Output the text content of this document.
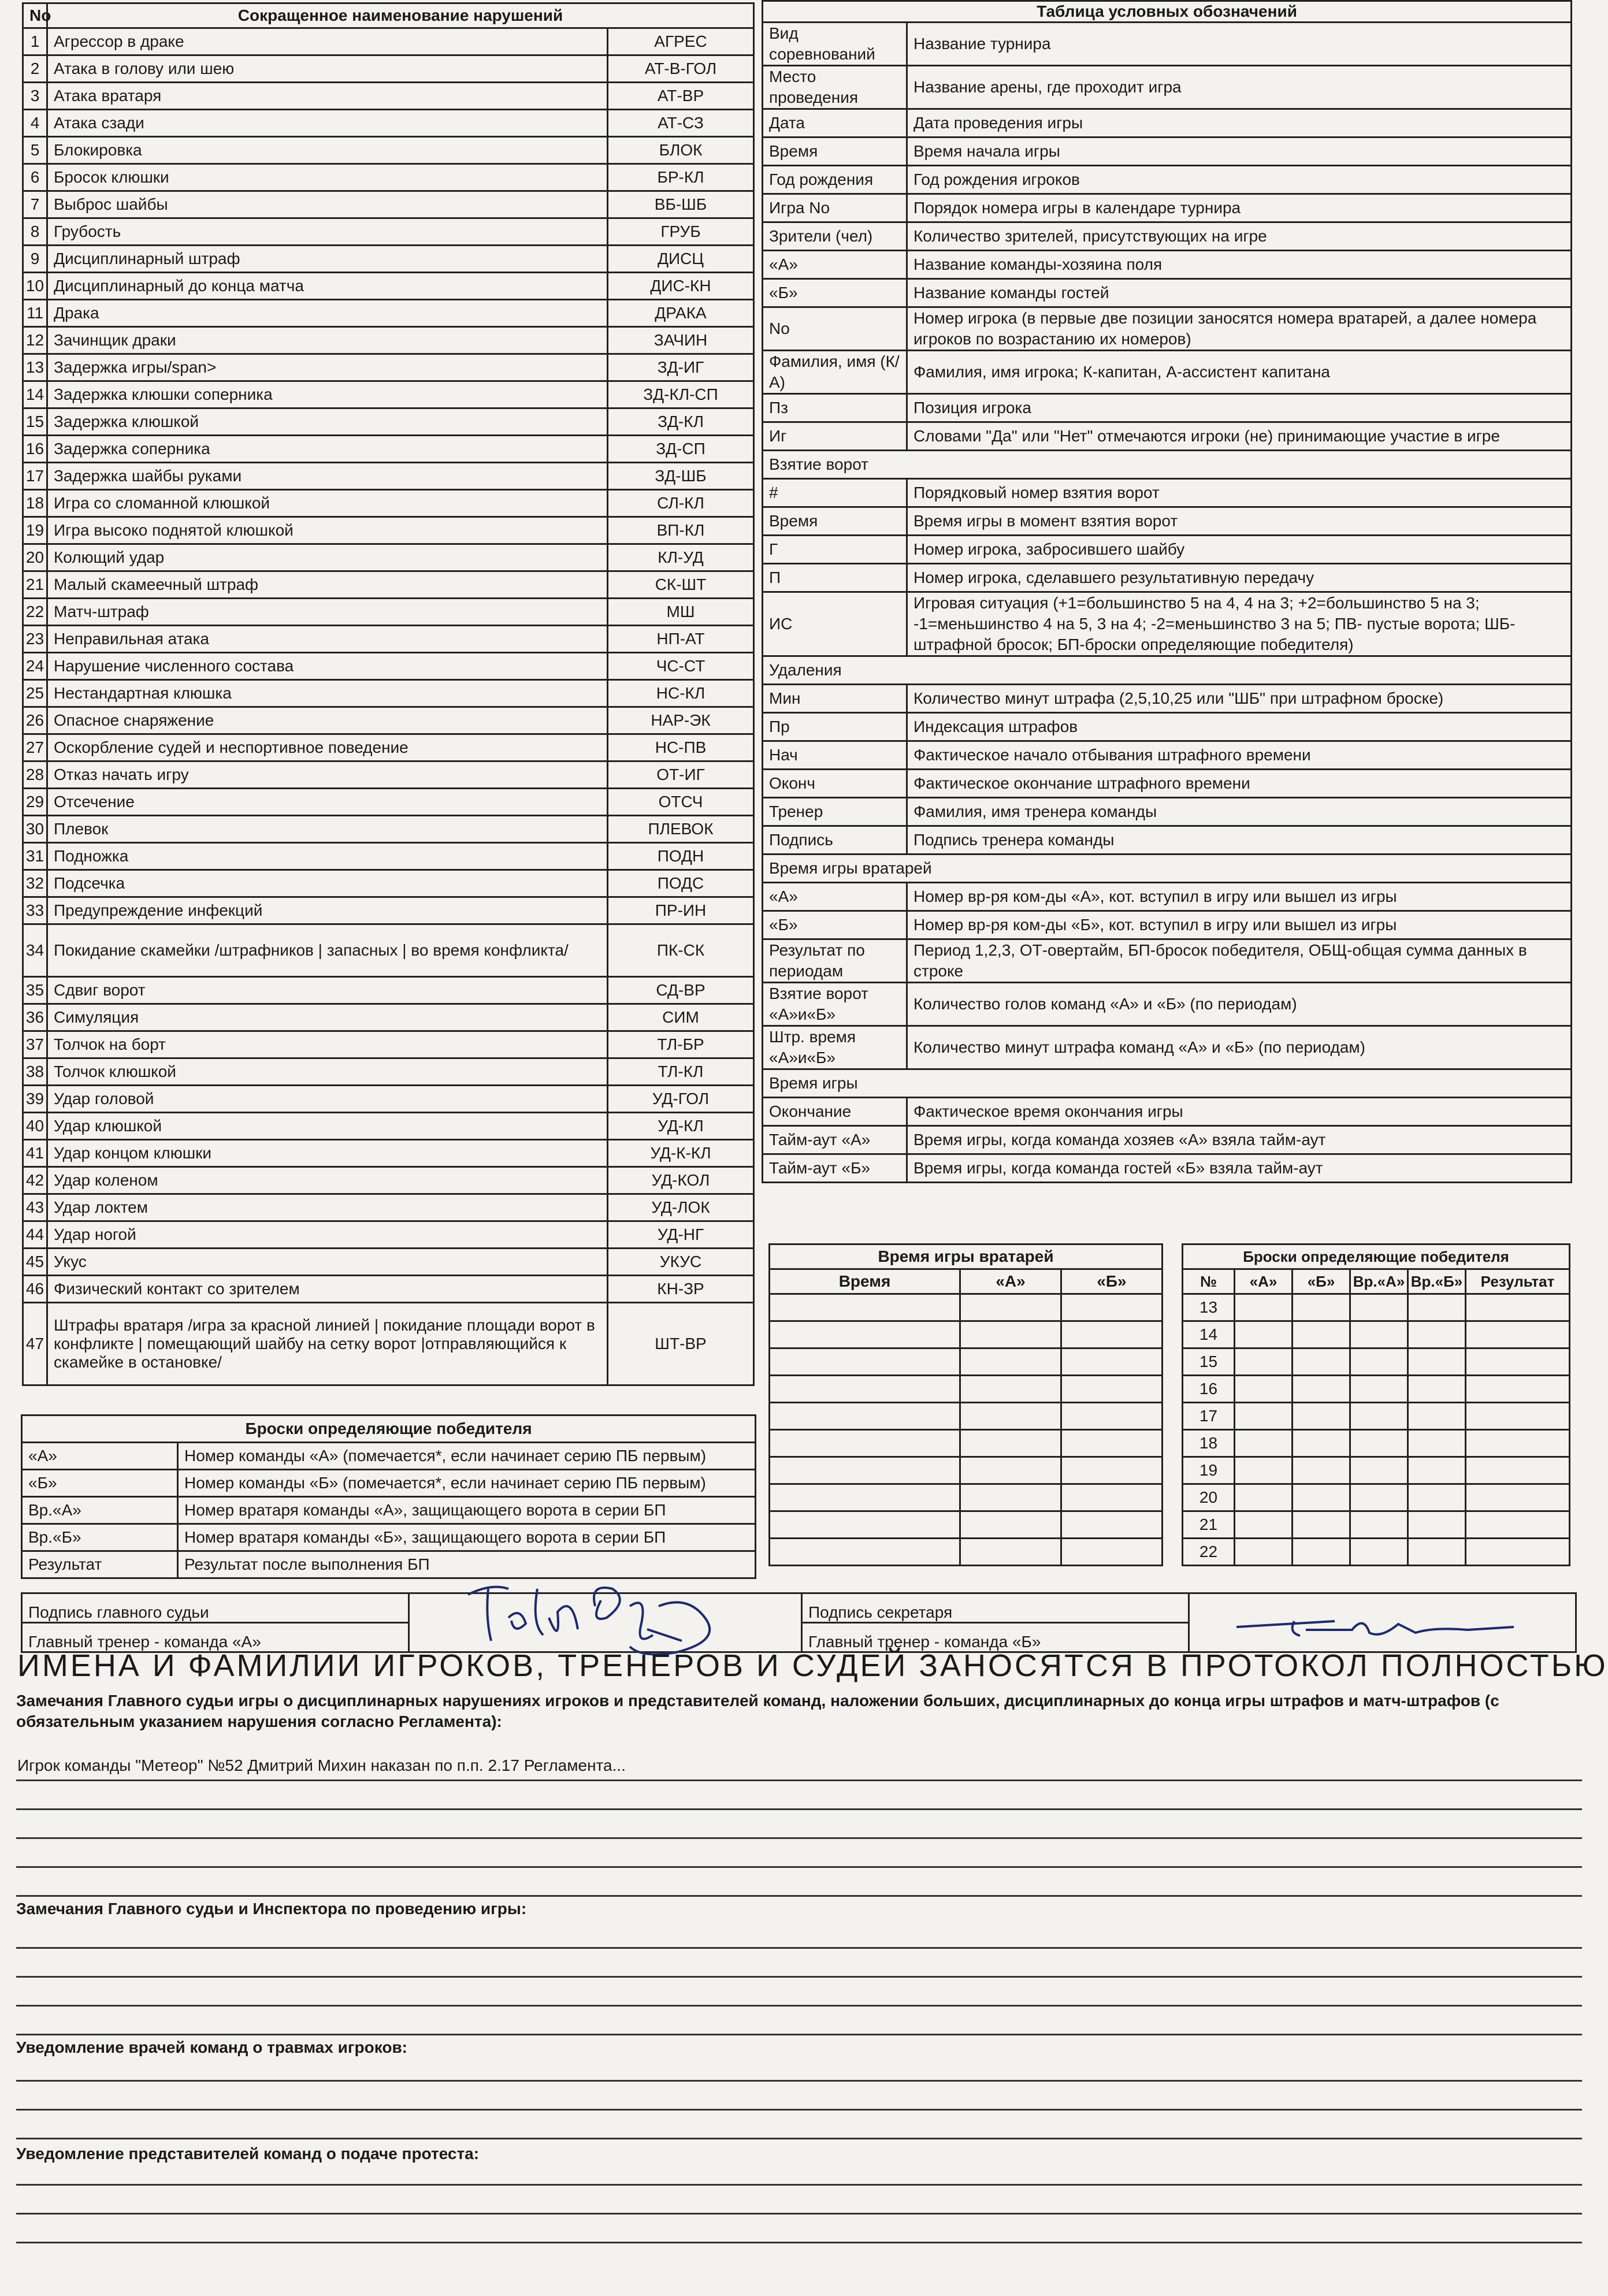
No	Сокращенное наименование нарушений	
1	Агрессор в драке	АГРЕС
2	Атака в голову или шею	АТ-В-ГОЛ
3	Атака вратаря	АТ-ВР
4	Атака сзади	АТ-СЗ
5	Блокировка	БЛОК
6	Бросок клюшки	БР-КЛ
7	Выброс шайбы	ВБ-ШБ
8	Грубость	ГРУБ
9	Дисциплинарный штраф	ДИСЦ
10	Дисциплинарный до конца матча	ДИС-КН
11	Драка	ДРАКА
12	Зачинщик драки	ЗАЧИН
13	Задержка игры/span>	ЗД-ИГ
14	Задержка клюшки соперника	ЗД-КЛ-СП
15	Задержка клюшкой	ЗД-КЛ
16	Задержка соперника	ЗД-СП
17	Задержка шайбы руками	ЗД-ШБ
18	Игра со сломанной клюшкой	СЛ-КЛ
19	Игра высоко поднятой клюшкой	ВП-КЛ
20	Колющий удар	КЛ-УД
21	Малый скамеечный штраф	СК-ШТ
22	Матч-штраф	МШ
23	Неправильная атака	НП-АТ
24	Нарушение численного состава	ЧС-СТ
25	Нестандартная клюшка	НС-КЛ
26	Опасное снаряжение	НАР-ЭК
27	Оскорбление судей и неспортивное поведение	НС-ПВ
28	Отказ начать игру	ОТ-ИГ
29	Отсечение	ОТСЧ
30	Плевок	ПЛЕВОК
31	Подножка	ПОДН
32	Подсечка	ПОДС
33	Предупреждение инфекций	ПР-ИН
34	Покидание скамейки /штрафников | запасных | во время конфликта/	ПК-СК
35	Сдвиг ворот	СД-ВР
36	Симуляция	СИМ
37	Толчок на борт	ТЛ-БР
38	Толчок клюшкой	ТЛ-КЛ
39	Удар головой	УД-ГОЛ
40	Удар клюшкой	УД-КЛ
41	Удар концом клюшки	УД-К-КЛ
42	Удар коленом	УД-КОЛ
43	Удар локтем	УД-ЛОК
44	Удар ногой	УД-НГ
45	Укус	УКУС
46	Физический контакт со зрителем	КН-ЗР
47	Штрафы вратаря /игра за красной линией | покидание площади ворот в конфликте | помещающий шайбу на сетку ворот |отправляющийся к скамейке в остановке/	ШТ-ВР
Таблица условных обозначений	
Вид соревнований	Название турнира
Место проведения	Название арены, где проходит игра
Дата	Дата проведения игры
Время	Время начала игры
Год рождения	Год рождения игроков
Игра No	Порядок номера игры в календаре турнира
Зрители (чел)	Количество зрителей, присутствующих на игре
«А»	Название команды-хозяина поля
«Б»	Название команды гостей
No	Номер игрока (в первые две позиции заносятся номера вратарей, а далее номера игроков по возрастанию их номеров)
Фамилия, имя (К/А)	Фамилия, имя игрока; К-капитан, А-ассистент капитана
Пз	Позиция игрока
Иг	Словами "Да" или "Нет" отмечаются игроки (не) принимающие участие в игре
Взятие ворот	
#	Порядковый номер взятия ворот
Время	Время игры в момент взятия ворот
Г	Номер игрока, забросившего шайбу
П	Номер игрока, сделавшего результативную передачу
ИС	Игровая ситуация (+1=большинство 5 на 4, 4 на 3; +2=большинство 5 на 3; -1=меньшинство 4 на 5, 3 на 4; -2=меньшинство 3 на 5; ПВ- пустые ворота; ШБ-штрафной бросок; БП-броски определяющие победителя)
Удаления	
Мин	Количество минут штрафа (2,5,10,25 или "ШБ" при штрафном броске)
Пр	Индексация штрафов
Нач	Фактическое начало отбывания штрафного времени
Оконч	Фактическое окончание штрафного времени
Тренер	Фамилия, имя тренера команды
Подпись	Подпись тренера команды
Время игры вратарей	
«А»	Номер вр-ря ком-ды «А», кот. вступил в игру или вышел из игры
«Б»	Номер вр-ря ком-ды «Б», кот. вступил в игру или вышел из игры
Результат по периодам	Период 1,2,3, ОТ-овертайм, БП-бросок победителя, ОБЩ-общая сумма данных в строке
Взятие ворот «А»и«Б»	Количество голов команд «А» и «Б» (по периодам)
Штр. время «А»и«Б»	Количество минут штрафа команд «А» и «Б» (по периодам)
Время игры	
Окончание	Фактическое время окончания игры
Тайм-аут «А»	Время игры, когда команда хозяев «А» взяла тайм-аут
Тайм-аут «Б»	Время игры, когда команда гостей «Б» взяла тайм-аут
Время игры вратарей		
Время	«А»	«Б»

Броски определяющие победителя					
№	«А»	«Б»	Вр.«А»	Вр.«Б»	Результат
13					
14					
15					
16					
17					
18					
19					
20					
21					
22					
Броски определяющие победителя	
«А»	Номер команды «А» (помечается*, если начинает серию ПБ первым)
«Б»	Номер команды «Б» (помечается*, если начинает серию ПБ первым)
Вр.«А»	Номер вратаря команды «А», защищающего ворота в серии БП
Вр.«Б»	Номер вратаря команды «Б», защищающего ворота в серии БП
Результат	Результат после выполнения БП
Подпись главного судьи		Подпись секретаря	
Главный тренер - команда «А»		Главный тренер - команда «Б»	
ИМЕНА И ФАМИЛИИ ИГРОКОВ, ТРЕНЕРОВ И СУДЕЙ ЗАНОСЯТСЯ В ПРОТОКОЛ ПОЛНОСТЬЮ
Замечания Главного судьи игры о дисциплинарных нарушениях игроков и представителей команд, наложении больших, дисциплинарных до конца игры штрафов и матч-штрафов (с обязательным указанием нарушения согласно Регламента):
Игрок команды "Метеор" №52 Дмитрий Михин наказан по п.п. 2.17 Регламента...
Замечания Главного судьи и Инспектора по проведению игры:
Уведомление врачей команд о травмах игроков:
Уведомление представителей команд о подаче протеста:
